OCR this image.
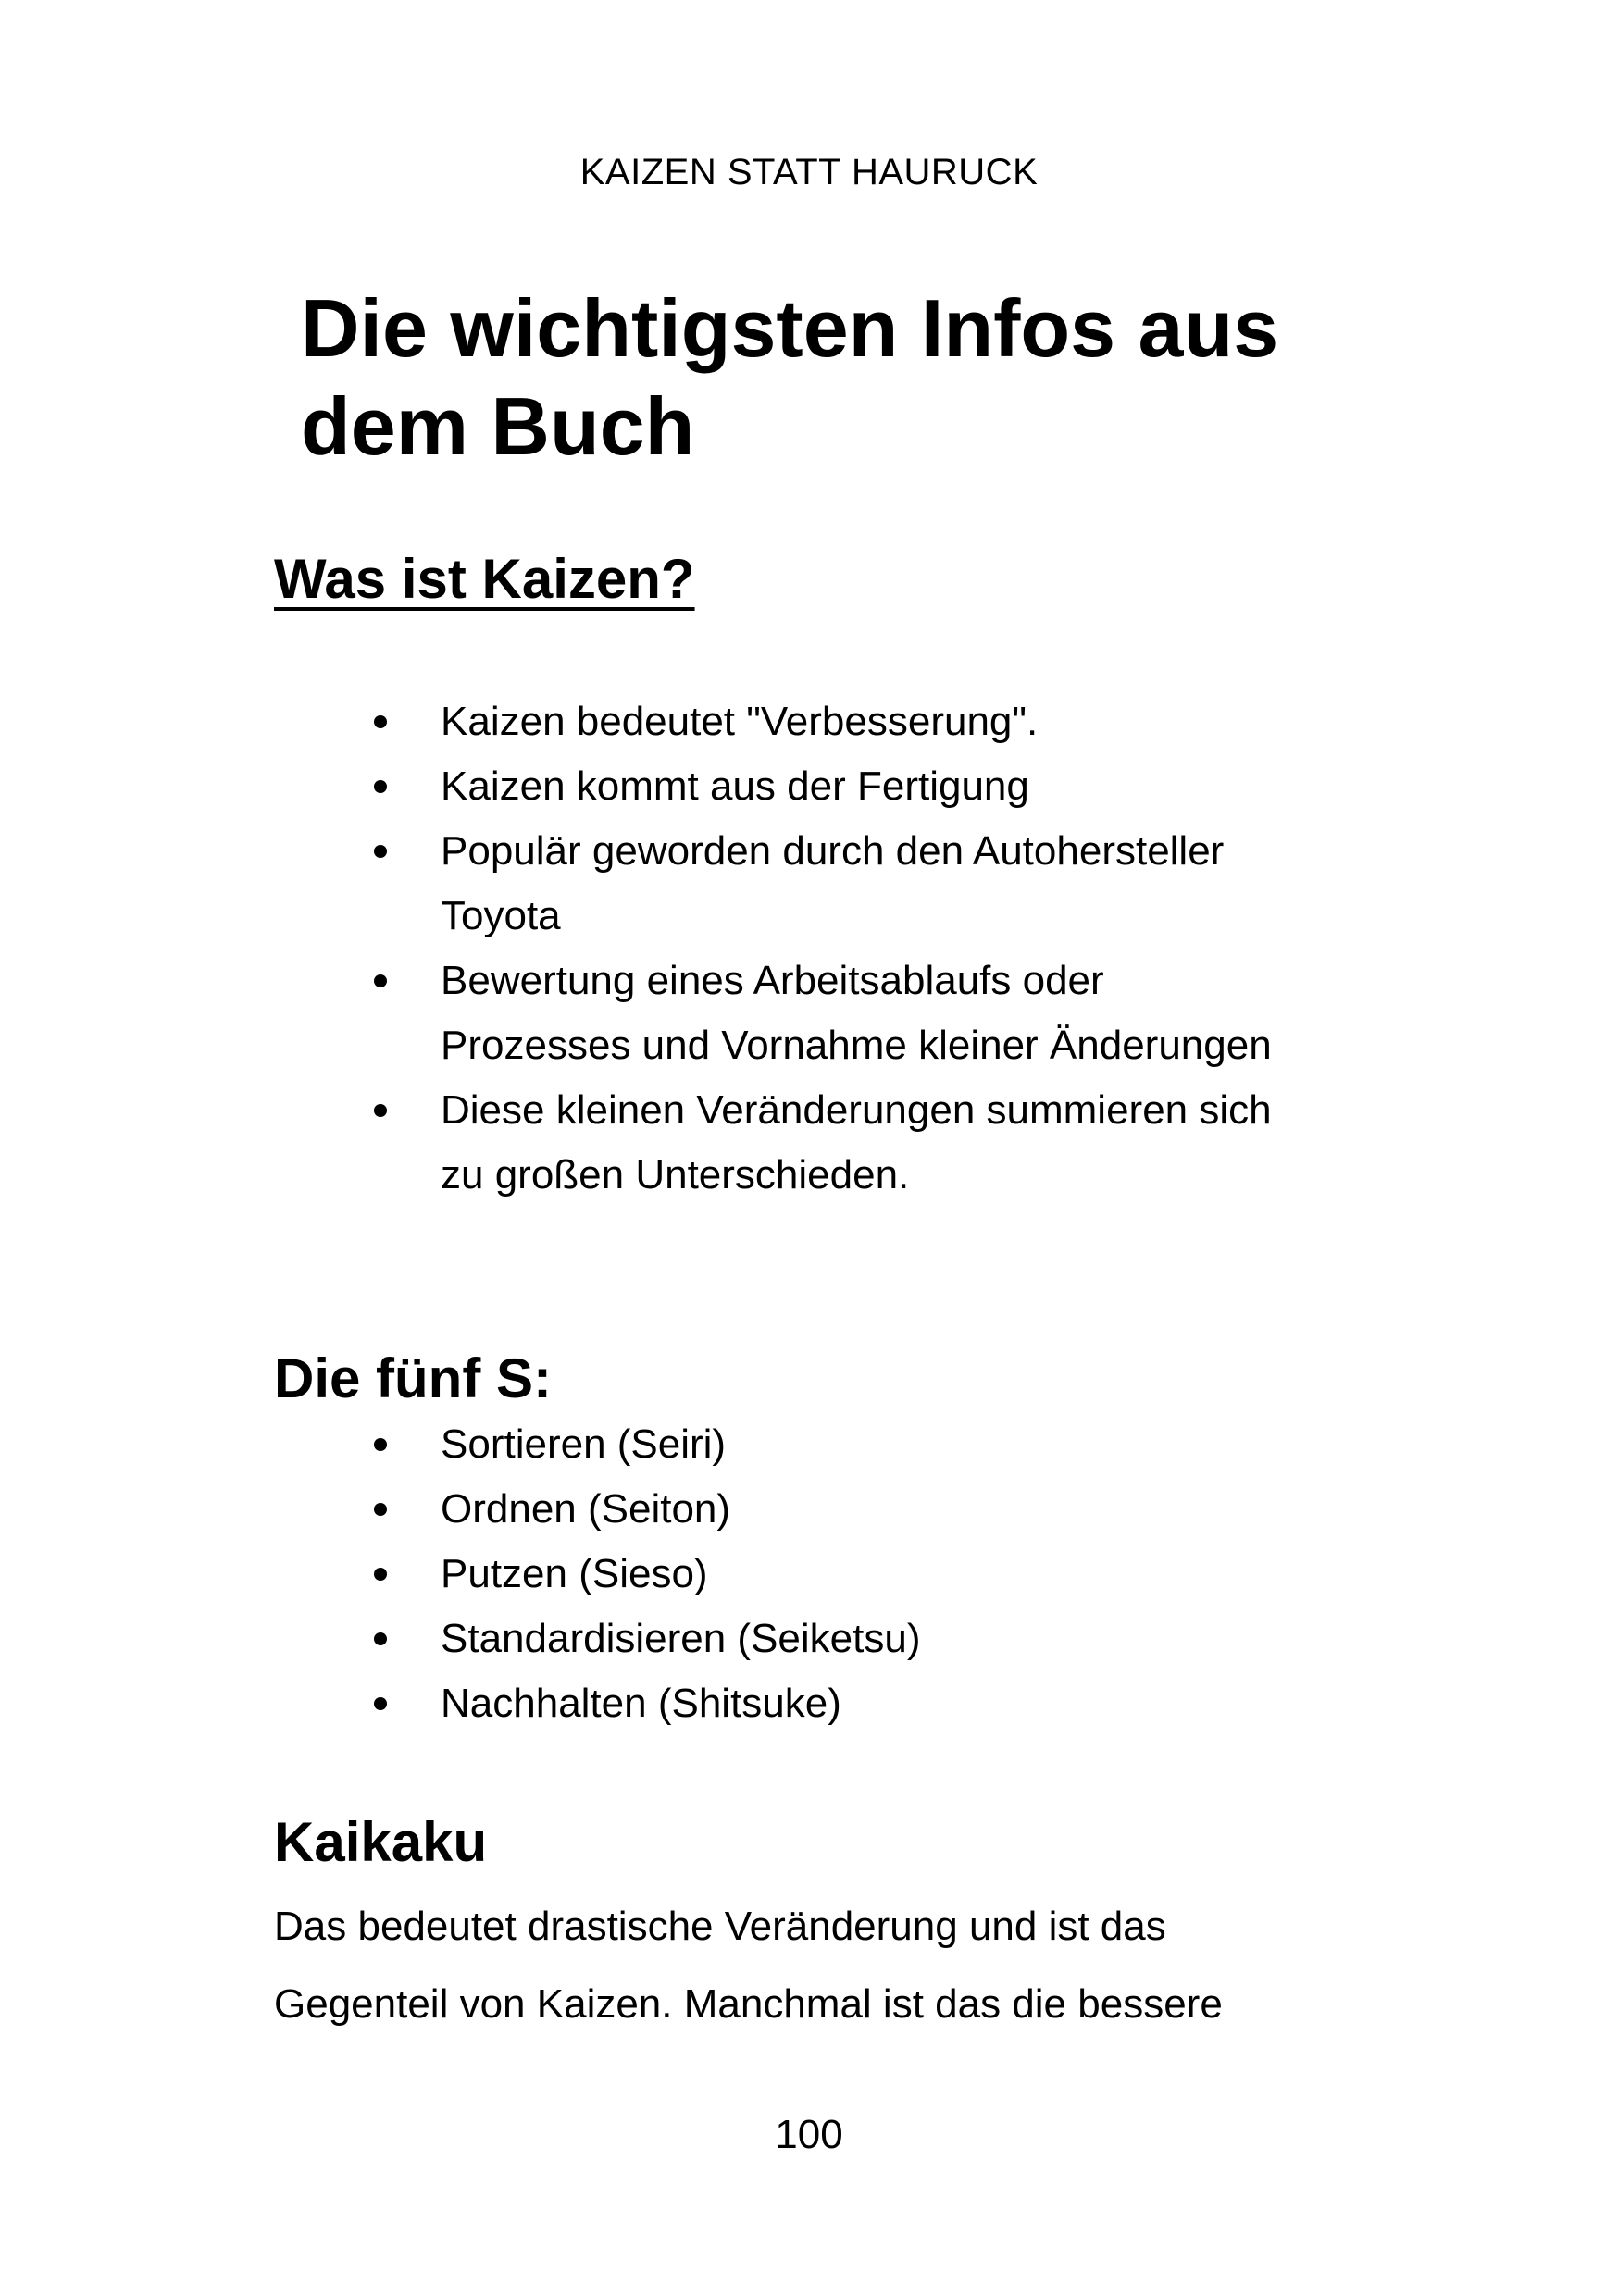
KAIZEN STATT HAURUCK
Die wichtigsten Infos aus dem Buch
Was ist Kaizen?
Kaizen bedeutet "Verbesserung".
Kaizen kommt aus der Fertigung
Populär geworden durch den Autohersteller Toyota
Bewertung eines Arbeitsablaufs oder Prozesses und Vornahme kleiner Änderungen
Diese kleinen Veränderungen summieren sich zu großen Unterschieden.
Die fünf S:
Sortieren (Seiri)
Ordnen (Seiton)
Putzen (Sieso)
Standardisieren (Seiketsu)
Nachhalten (Shitsuke)
Kaikaku

Das bedeutet drastische Veränderung und ist das Gegenteil von Kaizen. Manchmal ist das die bessere

100
